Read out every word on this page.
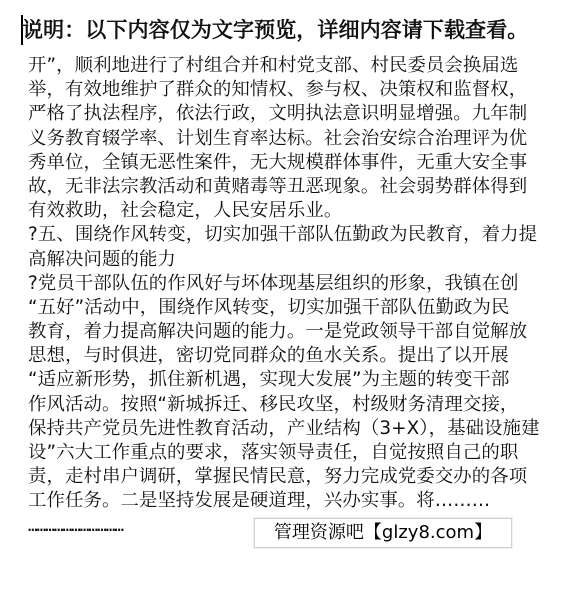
说明：以下内容仅为文字预览，详细内容请下载查看。
开”，顺利地进行了村组合并和村党支部、村民委员会换届选
举，有效地维护了群众的知情权、参与权、决策权和监督权，
严格了执法程序，依法行政，文明执法意识明显增强。九年制
义务教育辍学率、计划生育率达标。社会治安综合治理评为优
秀单位，全镇无恶性案件，无大规模群体事件，无重大安全事
故，无非法宗教活动和黄赌毒等丑恶现象。社会弱势群体得到
有效救助，社会稳定，人民安居乐业。
?五、围绕作风转变，切实加强干部队伍勤政为民教育，着力提
高解决问题的能力
?党员干部队伍的作风好与坏体现基层组织的形象，我镇在创
“五好”活动中，围绕作风转变，切实加强干部队伍勤政为民
教育，着力提高解决问题的能力。一是党政领导干部自觉解放
思想，与时俱进，密切党同群众的鱼水关系。提出了以开展
“适应新形势，抓住新机遇，实现大发展”为主题的转变干部
作风活动。按照“新城拆迁、移民攻坚，村级财务清理交接，
保持共产党员先进性教育活动，产业结构（3+X），基础设施建
设”六大工作重点的要求，落实领导责任，自觉按照自己的职
责，走村串户调研，掌握民情民意，努力完成党委交办的各项
工作任务。二是坚持发展是硬道理，兴办实事。将………
……………………………	管理资源吧【glzy8.com】
